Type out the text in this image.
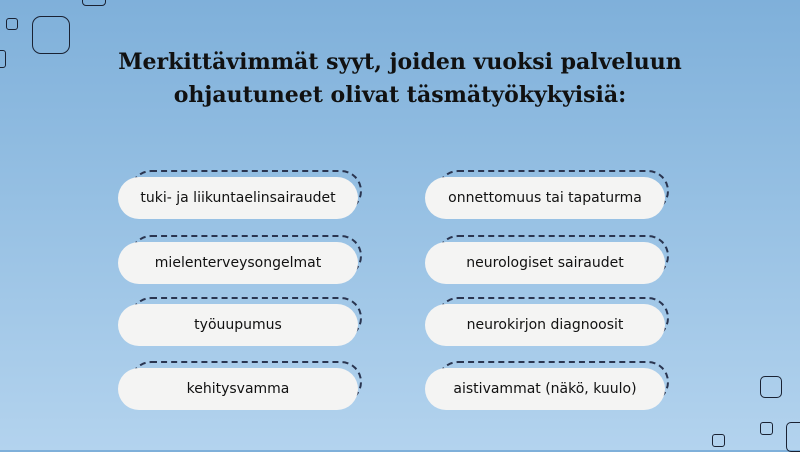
Merkittävimmät syyt, joiden vuoksi palveluun
ohjautuneet olivat täsmätyökykyisiä:
tuki- ja liikuntaelinsairaudet
mielenterveysongelmat
työuupumus
kehitysvamma
onnettomuus tai tapaturma
neurologiset sairaudet
neurokirjon diagnoosit
aistivammat (näkö, kuulo)
